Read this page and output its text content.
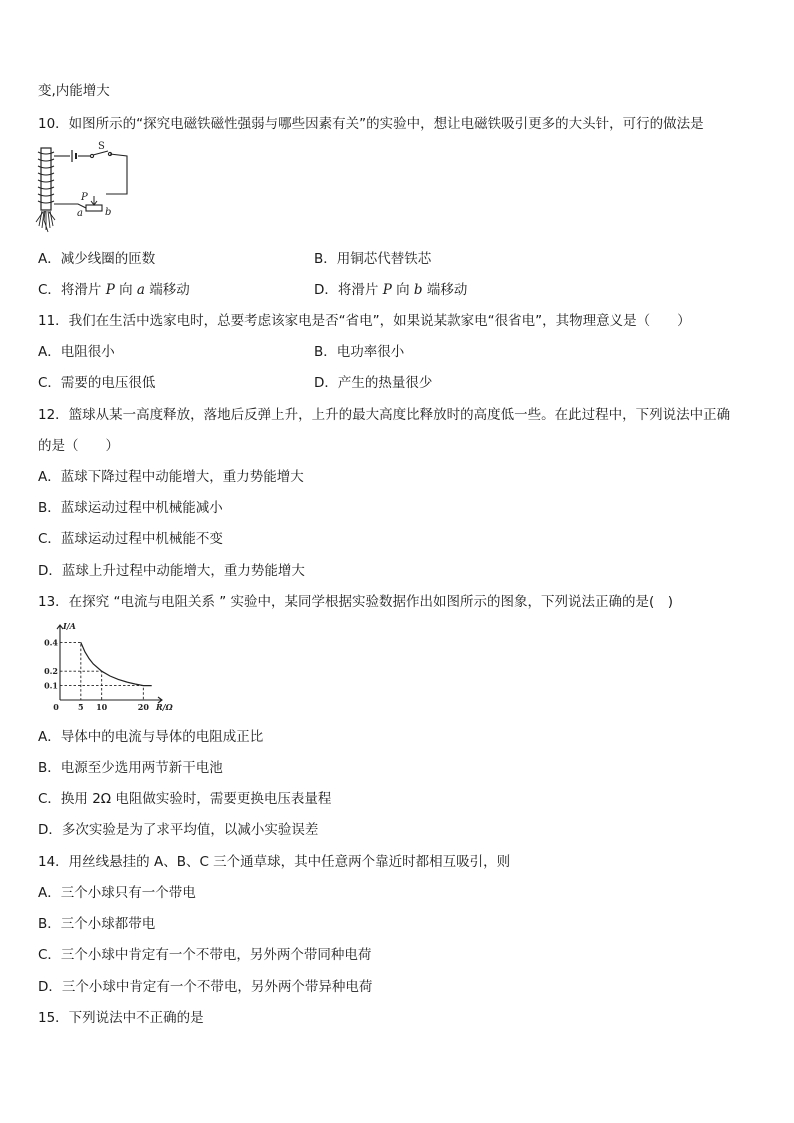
变,内能增大
10．如图所示的“探究电磁铁磁性强弱与哪些因素有关”的实验中，想让电磁铁吸引更多的大头针，可行的做法是
S
P
a b
A．减少线圈的匝数	B．用铜芯代替铁芯
C．将滑片 P 向 a 端移动	D．将滑片 P 向 b 端移动
11．我们在生活中选家电时，总要考虑该家电是否“省电”，如果说某款家电“很省电”，其物理意义是（　　）
A．电阻很小	B．电功率很小
C．需要的电压很低	D．产生的热量很少
12．篮球从某一高度释放，落地后反弹上升，上升的最大高度比释放时的高度低一些。在此过程中，下列说法中正确
的是（　　）
A．蓝球下降过程中动能增大，重力势能增大
B．蓝球运动过程中机械能减小
C．蓝球运动过程中机械能不变
D．蓝球上升过程中动能增大，重力势能增大
13．在探究 “电流与电阻关系 ” 实验中，某同学根据实验数据作出如图所示的图象，下列说法正确的是(　)
0 5 10	20
0.4
0.2
0.1
I/A
R/Ω
A．导体中的电流与导体的电阻成正比
B．电源至少选用两节新干电池
C．换用 2Ω 电阻做实验时，需要更换电压表量程
D．多次实验是为了求平均值，以减小实验误差
14．用丝线悬挂的 A、B、C 三个通草球，其中任意两个靠近时都相互吸引，则
A．三个小球只有一个带电
B．三个小球都带电
C．三个小球中肯定有一个不带电，另外两个带同种电荷
D．三个小球中肯定有一个不带电，另外两个带异种电荷
15．下列说法中不正确的是
